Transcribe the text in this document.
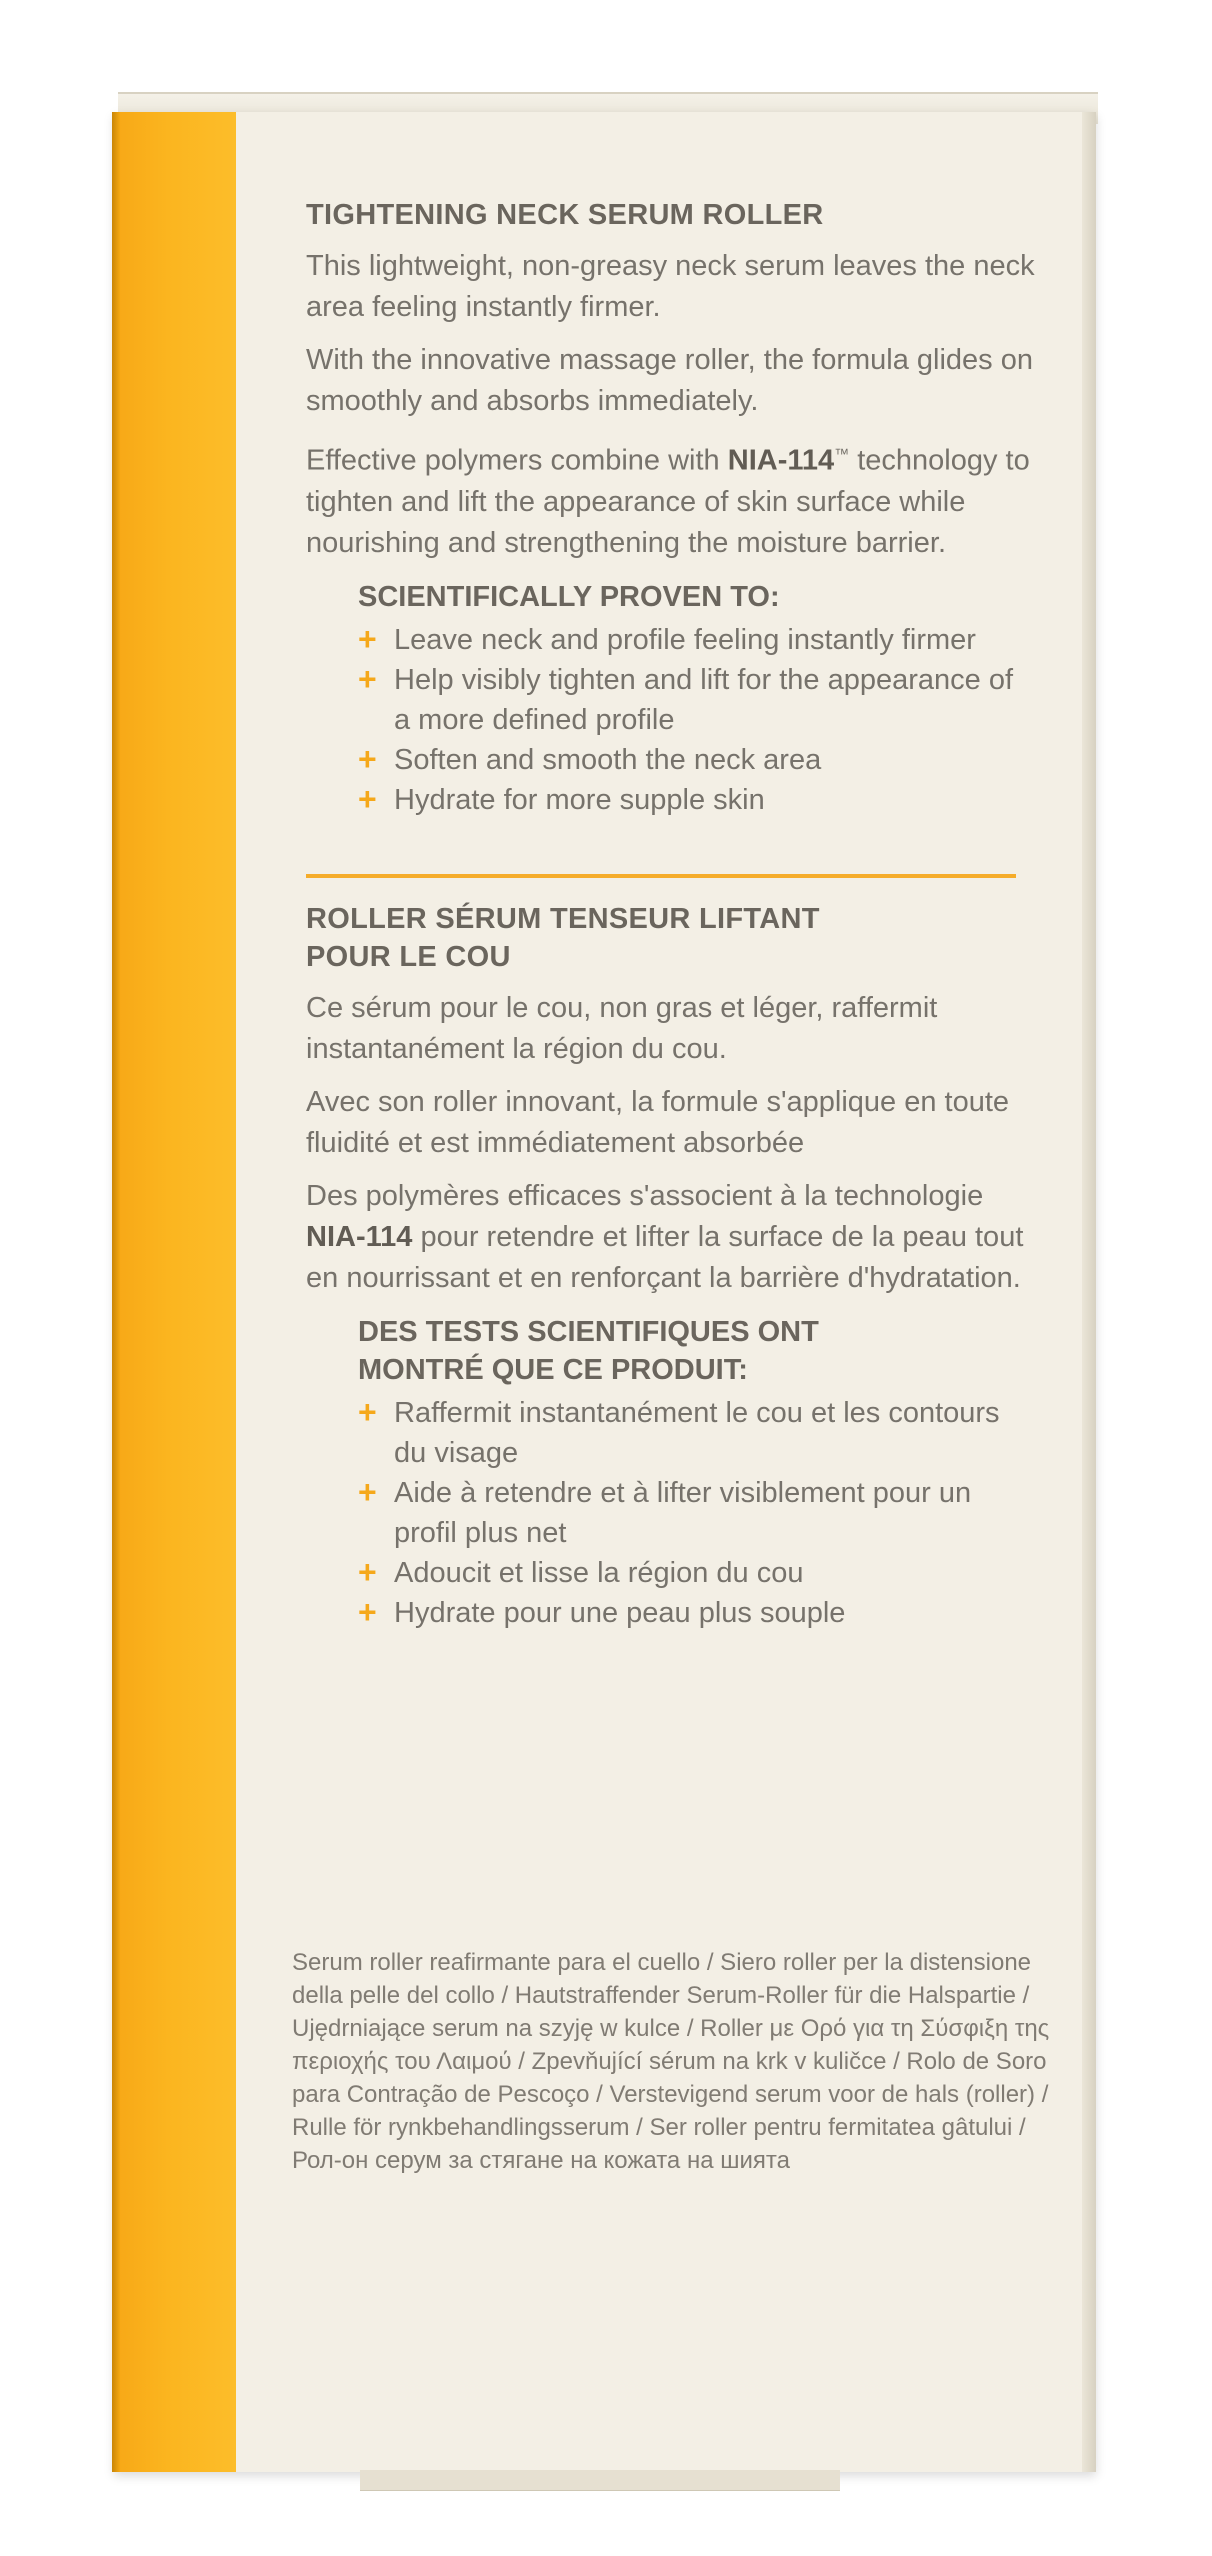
TIGHTENING NECK SERUM ROLLER

This lightweight, non-greasy neck serum leaves the neck area feeling instantly firmer.

With the innovative massage roller, the formula glides on smoothly and absorbs immediately.

Effective polymers combine with NIA-114™ technology to tighten and lift the appearance of skin surface while nourishing and strengthening the moisture barrier.

SCIENTIFICALLY PROVEN TO:
+ Leave neck and profile feeling instantly firmer
+ Help visibly tighten and lift for the appearance of a more defined profile
+ Soften and smooth the neck area
+ Hydrate for more supple skin
ROLLER SÉRUM TENSEUR LIFTANT
POUR LE COU

Ce sérum pour le cou, non gras et léger, raffermit instantanément la région du cou.

Avec son roller innovant, la formule s'applique en toute fluidité et est immédiatement absorbée

Des polymères efficaces s'associent à la technologie NIA-114 pour retendre et lifter la surface de la peau tout en nourrissant et en renforçant la barrière d'hydratation.

DES TESTS SCIENTIFIQUES ONT
MONTRÉ QUE CE PRODUIT:
+ Raffermit instantanément le cou et les contours du visage
+ Aide à retendre et à lifter visiblement pour un profil plus net
+ Adoucit et lisse la région du cou
+ Hydrate pour une peau plus souple
Serum roller reafirmante para el cuello / Siero roller per la distensione della pelle del collo / Hautstraffender Serum-Roller für die Halspartie / Ujędrniające serum na szyję w kulce / Roller με Ορό για τη Σύσφιξη της περιοχής του Λαιμού / Zpevňující sérum na krk v kuličce / Rolo de Soro para Contração de Pescoço / Verstevigend serum voor de hals (roller) / Rulle för rynkbehandlingsserum / Ser roller pentru fermitatea gâtului / Рол-он серум за стягане на кожата на шията
